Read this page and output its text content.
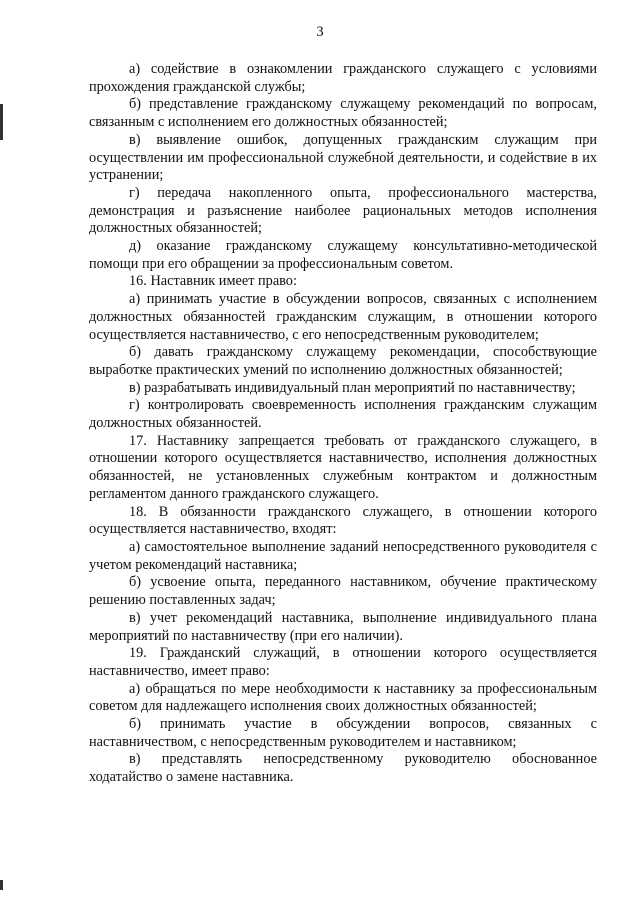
3

а) содействие в ознакомлении гражданского служащего с условиями прохождения гражданской службы;

б) представление гражданскому служащему рекомендаций по вопросам, связанным с исполнением его должностных обязанностей;

в) выявление ошибок, допущенных гражданским служащим при осуществлении им профессиональной служебной деятельности, и содействие в их устранении;

г) передача накопленного опыта, профессионального мастерства, демонстрация и разъяснение наиболее рациональных методов исполнения должностных обязанностей;

д) оказание гражданскому служащему консультативно-методической помощи при его обращении за профессиональным советом.

16. Наставник имеет право:

а) принимать участие в обсуждении вопросов, связанных с исполнением должностных обязанностей гражданским служащим, в отношении которого осуществляется наставничество, с его непосредственным руководителем;

б) давать гражданскому служащему рекомендации, способствующие выработке практических умений по исполнению должностных обязанностей;

в) разрабатывать индивидуальный план мероприятий по наставничеству;

г) контролировать своевременность исполнения гражданским служащим должностных обязанностей.

17. Наставнику запрещается требовать от гражданского служащего, в отношении которого осуществляется наставничество, исполнения должностных обязанностей, не установленных служебным контрактом и должностным регламентом данного гражданского служащего.

18. В обязанности гражданского служащего, в отношении которого осуществляется наставничество, входят:

а) самостоятельное выполнение заданий непосредственного руководителя с учетом рекомендаций наставника;

б) усвоение опыта, переданного наставником, обучение практическому решению поставленных задач;

в) учет рекомендаций наставника, выполнение индивидуального плана мероприятий по наставничеству (при его наличии).

19. Гражданский служащий, в отношении которого осуществляется наставничество, имеет право:

а) обращаться по мере необходимости к наставнику за профессиональным советом для надлежащего исполнения своих должностных обязанностей;

б) принимать участие в обсуждении вопросов, связанных с наставничеством, с непосредственным руководителем и наставником;

в) представлять непосредственному руководителю обоснованное ходатайство о замене наставника.
